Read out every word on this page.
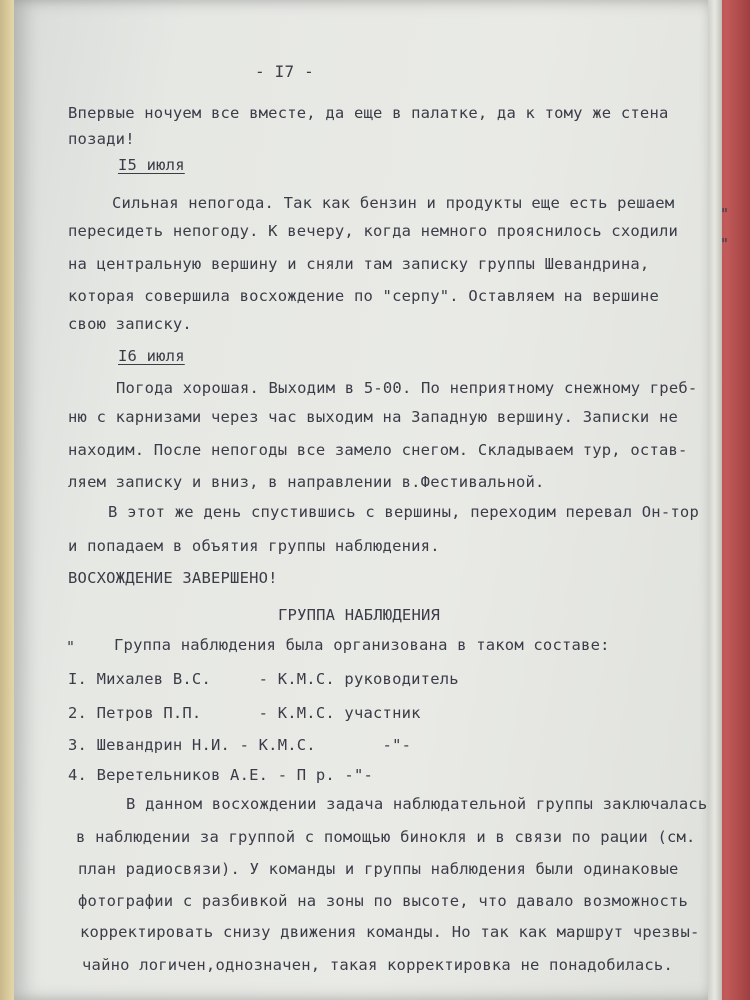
- I7 -
Впервые ночуем все вместе, да еще в палатке, да к тому же стена
позади!
I5 июля
Сильная непогода. Так как бензин и продукты еще есть решаем
пересидеть непогоду. К вечеру, когда немного прояснилось сходили
на центральную вершину и сняли там записку группы Шевандрина,
которая совершила восхождение по "серпу". Оставляем на вершине
свою записку.
I6 июля
Погода хорошая. Выходим в 5-00. По неприятному снежному греб-
ню с карнизами через час выходим на Западную вершину. Записки не
находим. После непогоды все замело снегом. Складываем тур, остав-
ляем записку и вниз, в направлении в.Фестивальной.
В этот же день спустившись с вершины, переходим перевал Он-тор
и попадаем в объятия группы наблюдения.
ВОСХОЖДЕНИЕ ЗАВЕРШЕНО!
ГРУППА НАБЛЮДЕНИЯ
Группа наблюдения была организована в таком составе:
I. Михалев В.С.     - К.М.С. руководитель
2. Петров П.П.      - К.М.С. участник
3. Шевандрин Н.И. - К.М.С.       -"-
4. Веретельников А.Е. - П р. -"-
В данном восхождении задача наблюдательной группы заключалась
в наблюдении за группой с помощью бинокля и в связи по рации (см.
план радиосвязи). У команды и группы наблюдения были одинаковые
фотографии с разбивкой на зоны по высоте, что давало возможность
корректировать снизу движения команды. Но так как маршрут чрезвы-
чайно логичен,однозначен, такая корректировка не понадобилась.
"
"
"
